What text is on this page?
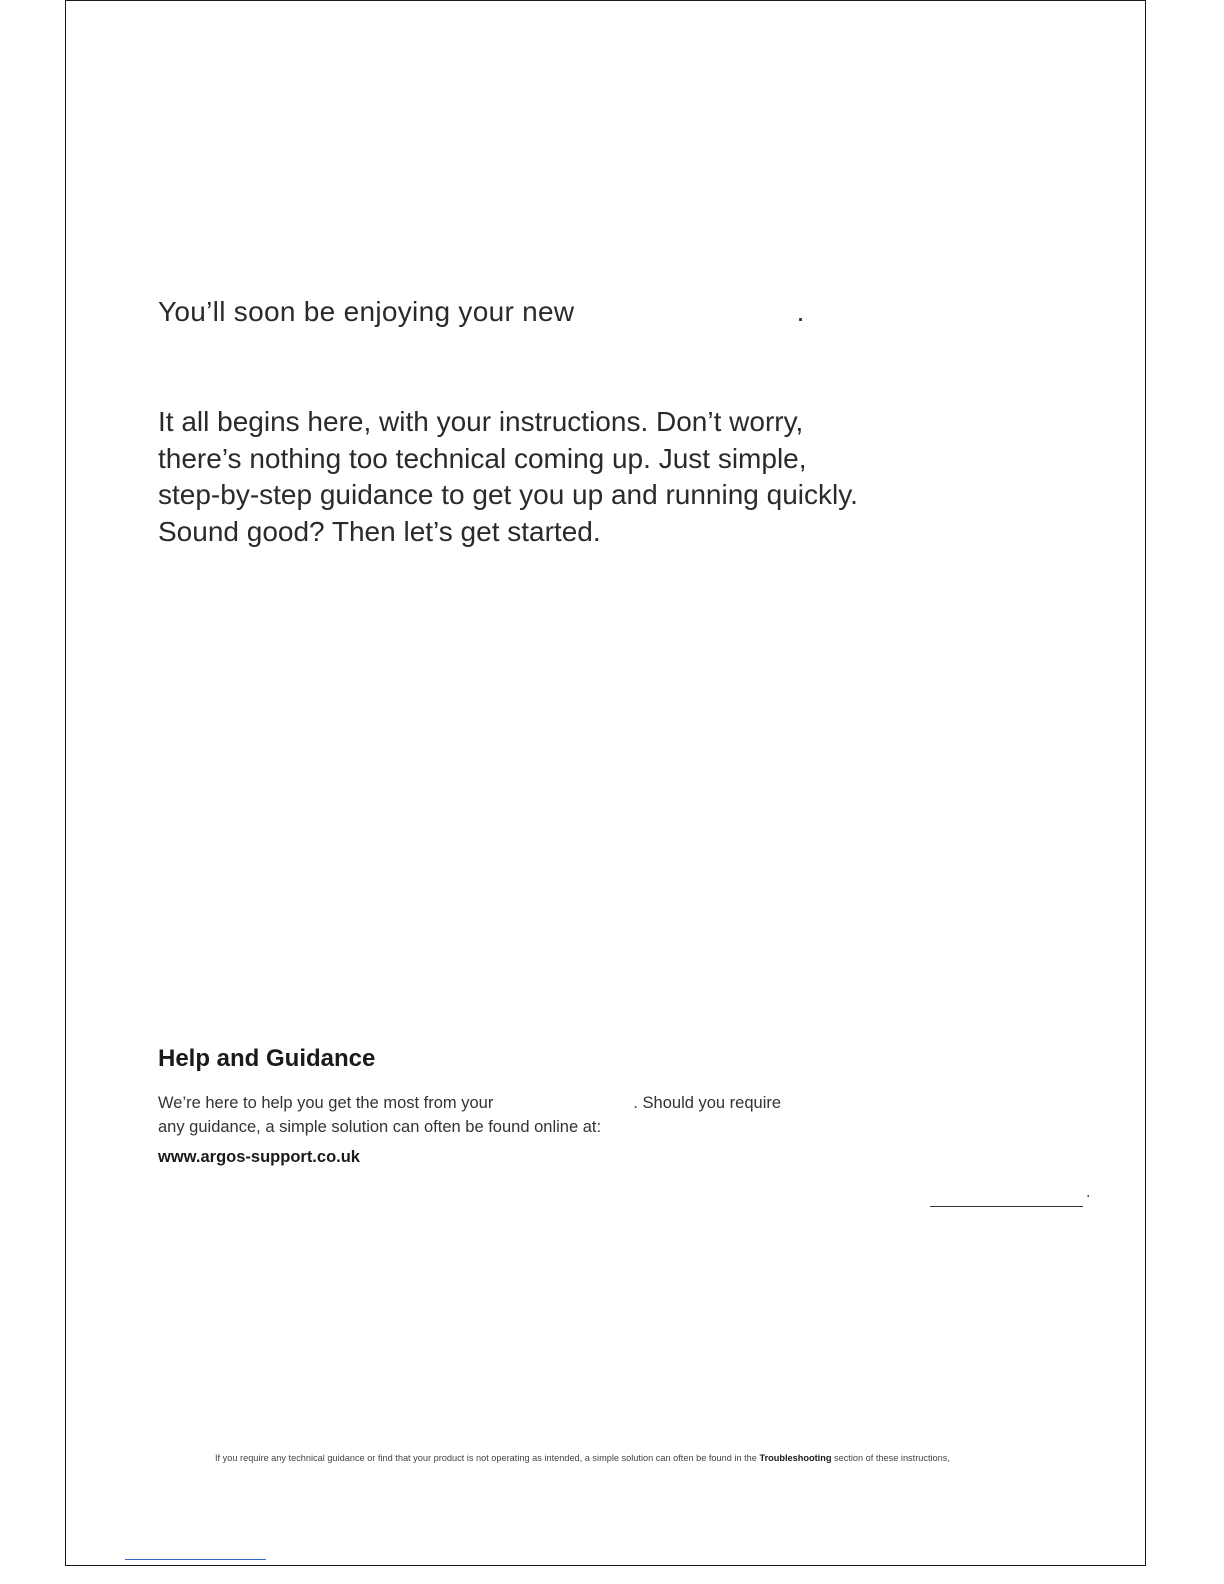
You’ll soon be enjoying your new	.

It all begins here, with your instructions. Don’t worry, there’s nothing too technical coming up. Just simple, step-by-step guidance to get you up and running quickly. Sound good? Then let’s get started.

Help and Guidance
We’re here to help you get the most from your	. Should you require
any guidance, a simple solution can often be found online at:
www.argos-support.co.uk
.
If you require any technical guidance or find that your product is not operating as intended, a simple solution can often be found in the Troubleshooting section of these instructions,
